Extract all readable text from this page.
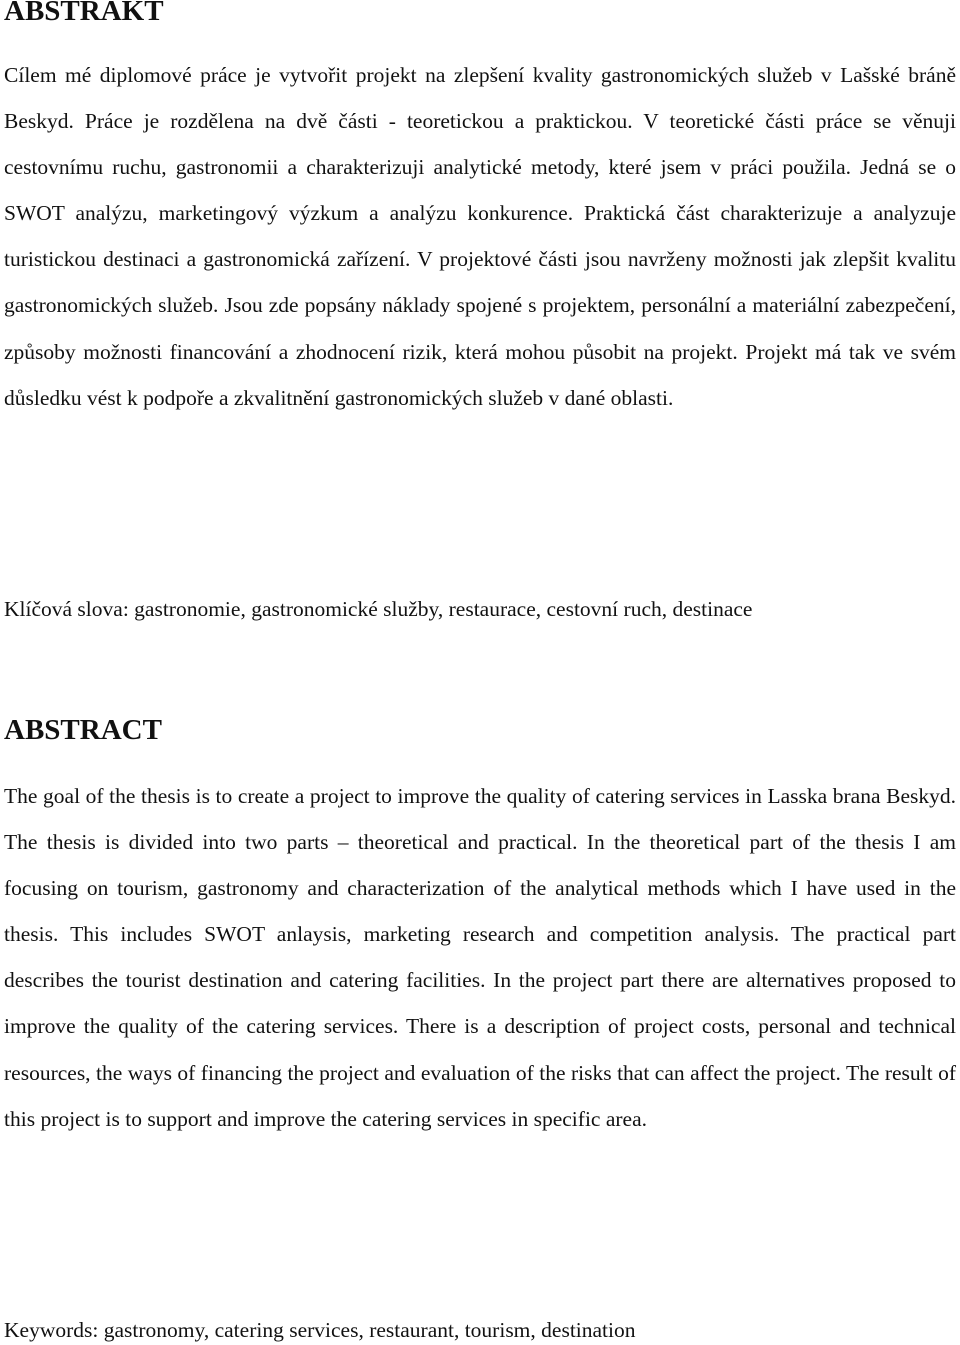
ABSTRAKT

Cílem mé diplomové práce je vytvořit projekt na zlepšení kvality gastronomických služeb v Lašské bráně Beskyd. Práce je rozdělena na dvě části - teoretickou a praktickou. V teoretické části práce se věnuji cestovnímu ruchu, gastronomii a charakterizuji analytické metody, které jsem v práci použila. Jedná se o SWOT analýzu, marketingový výzkum a analýzu konkurence. Praktická část charakterizuje a analyzuje turistickou destinaci a gastronomická zařízení. V projektové části jsou navrženy možnosti jak zlepšit kvalitu gastronomických služeb. Jsou zde popsány náklady spojené s projektem, personální a materiální zabezpečení, způsoby možnosti financování a zhodnocení rizik, která mohou působit na projekt. Projekt má tak ve svém důsledku vést k podpoře a zkvalitnění gastronomických služeb v dané oblasti.

Klíčová slova: gastronomie, gastronomické služby, restaurace, cestovní ruch, destinace

ABSTRACT

The goal of the thesis is to create a project to improve the quality of catering services in Lasska brana Beskyd. The thesis is divided into two parts – theoretical and practical. In the theoretical part of the thesis I am focusing on tourism, gastronomy and characterization of the analytical methods which I have used in the thesis. This includes SWOT anlaysis, marketing research and competition analysis. The practical part describes the tourist destination and catering facilities. In the project part there are alternatives proposed to improve the quality of the catering services. There is a description of project costs, personal and technical resources, the ways of financing the project and evaluation of the risks that can affect the project. The result of this project is to support and improve the catering services in specific area.

Keywords: gastronomy, catering services, restaurant, tourism, destination
